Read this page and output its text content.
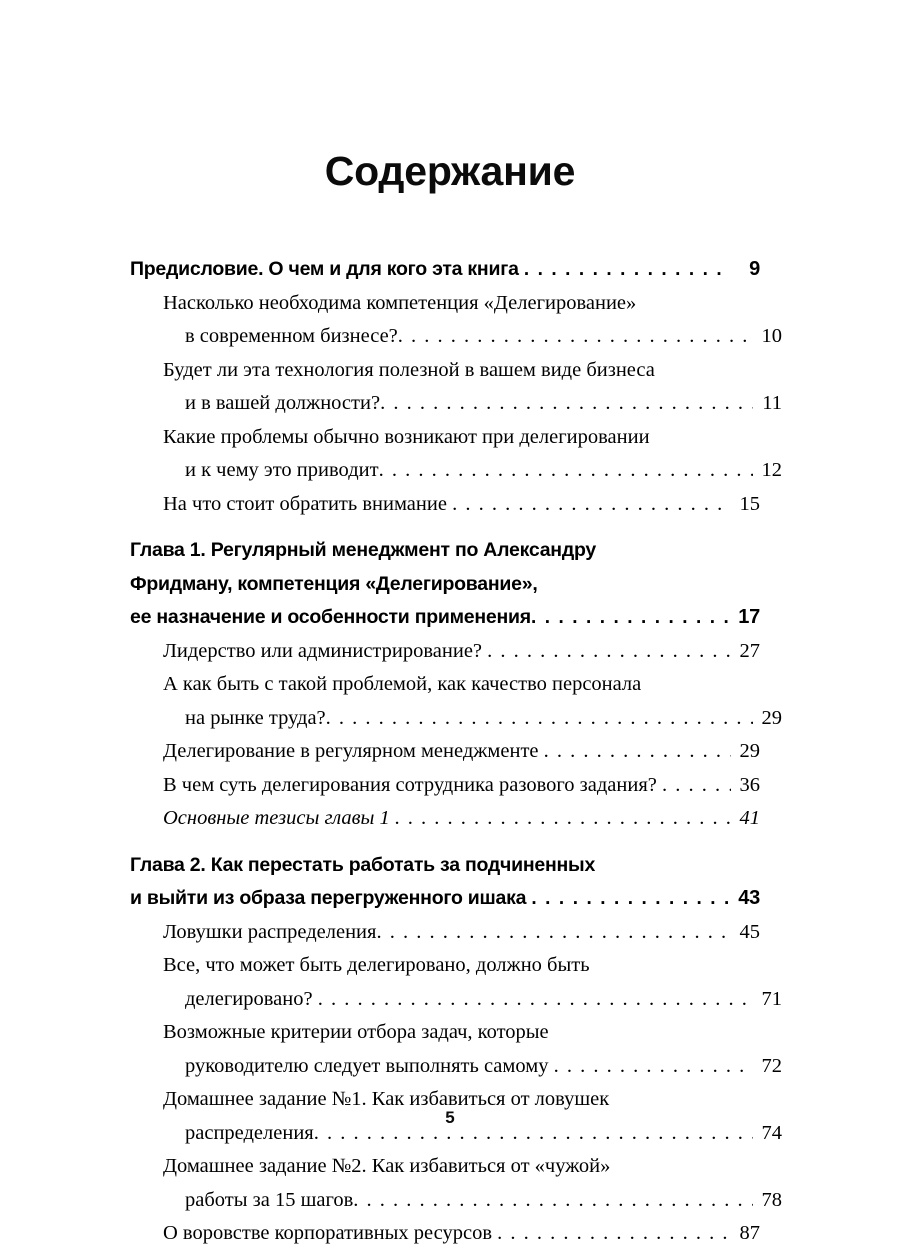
Содержание
Предисловие. О чем и для кого эта книга . . .	9
Насколько необходима компетенция «Делегирование»
в современном бизнесе? . . .	10
Будет ли эта технология полезной в вашем виде бизнеса
и в вашей должности? . . .	11
Какие проблемы обычно возникают при делегировании
и к чему это приводит . . .	12
На что стоит обратить внимание . . .	15
Глава 1. Регулярный менеджмент по Александру
Фридману, компетенция «Делегирование»,
ее назначение и особенности применения . . .	17
Лидерство или администрирование? . . .	27
А как быть с такой проблемой, как качество персонала
на рынке труда? . . .	29
Делегирование в регулярном менеджменте . . .	29
В чем суть делегирования сотрудника разового задания? . . .	36
Основные тезисы главы 1 . . .	41
Глава 2. Как перестать работать за подчиненных
и выйти из образа перегруженного ишака . . .	43
Ловушки распределения . . .	45
Все, что может быть делегировано, должно быть
делегировано? . . .	71
Возможные критерии отбора задач, которые
руководителю следует выполнять самому . . .	72
Домашнее задание №1. Как избавиться от ловушек
распределения . . .	74
Домашнее задание №2. Как избавиться от «чужой»
работы за 15 шагов . . .	78
О воровстве корпоративных ресурсов . . .	87
5
